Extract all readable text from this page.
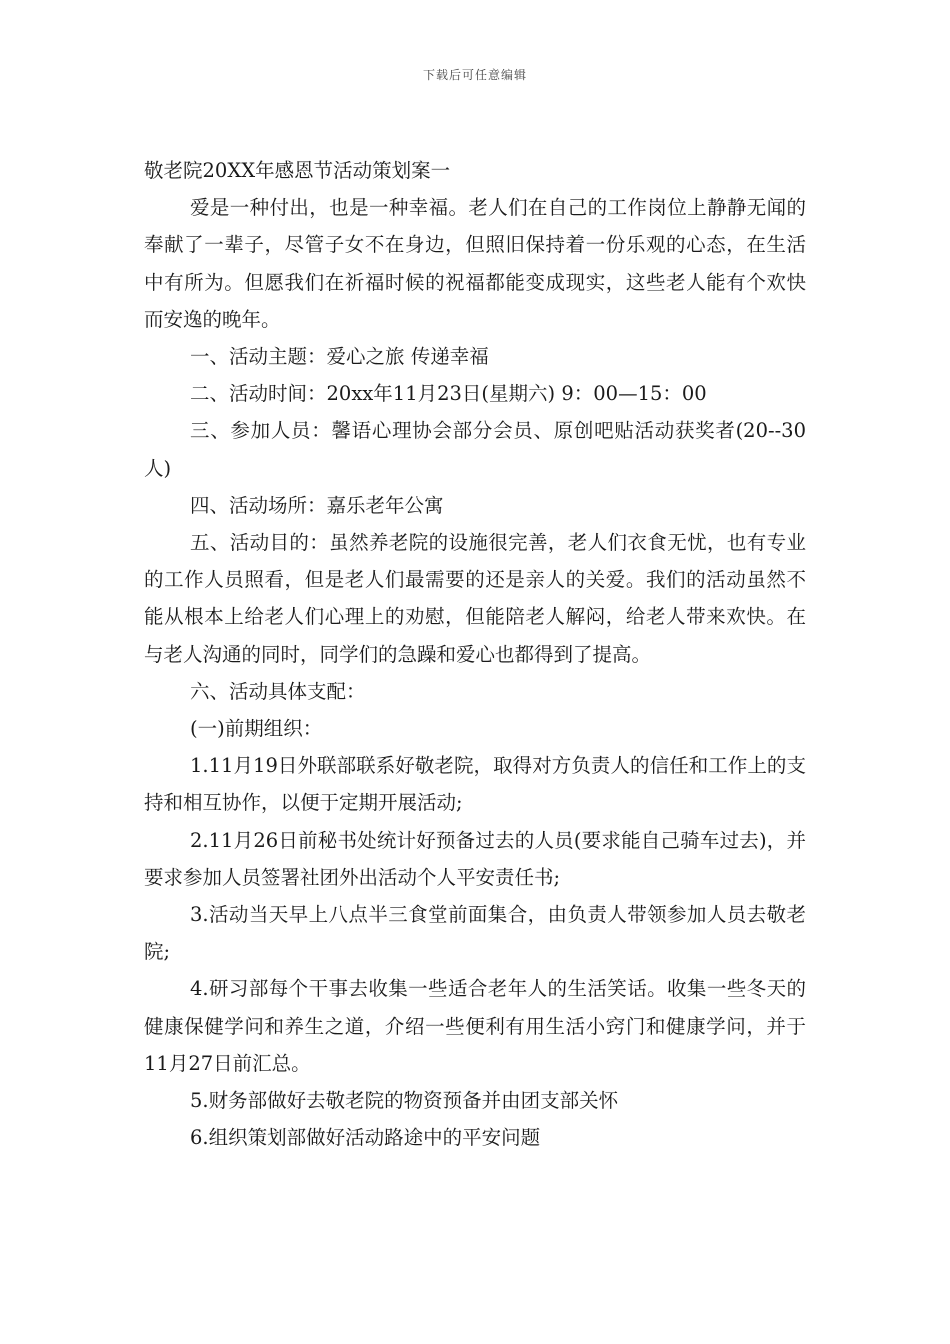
下载后可任意编辑

敬老院20XX年感恩节活动策划案一

爱是一种付出，也是一种幸福。老人们在自己的工作岗位上静静无闻的奉献了一辈子，尽管子女不在身边，但照旧保持着一份乐观的心态，在生活中有所为。但愿我们在祈福时候的祝福都能变成现实，这些老人能有个欢快而安逸的晚年。

一、活动主题：爱心之旅 传递幸福

二、活动时间：20xx年11月23日(星期六) 9：00—15：00

三、参加人员：馨语心理协会部分会员、原创吧贴活动获奖者(20--30人)

四、活动场所：嘉乐老年公寓

五、活动目的：虽然养老院的设施很完善，老人们衣食无忧，也有专业的工作人员照看，但是老人们最需要的还是亲人的关爱。我们的活动虽然不能从根本上给老人们心理上的劝慰，但能陪老人解闷，给老人带来欢快。在与老人沟通的同时，同学们的急躁和爱心也都得到了提高。

六、活动具体支配：

(一)前期组织：

1.11月19日外联部联系好敬老院，取得对方负责人的信任和工作上的支持和相互协作，以便于定期开展活动;

2.11月26日前秘书处统计好预备过去的人员(要求能自己骑车过去)，并要求参加人员签署社团外出活动个人平安责任书;

3.活动当天早上八点半三食堂前面集合，由负责人带领参加人员去敬老院;

4.研习部每个干事去收集一些适合老年人的生活笑话。收集一些冬天的健康保健学问和养生之道，介绍一些便利有用生活小窍门和健康学问，并于11月27日前汇总。

5.财务部做好去敬老院的物资预备并由团支部关怀

6.组织策划部做好活动路途中的平安问题
